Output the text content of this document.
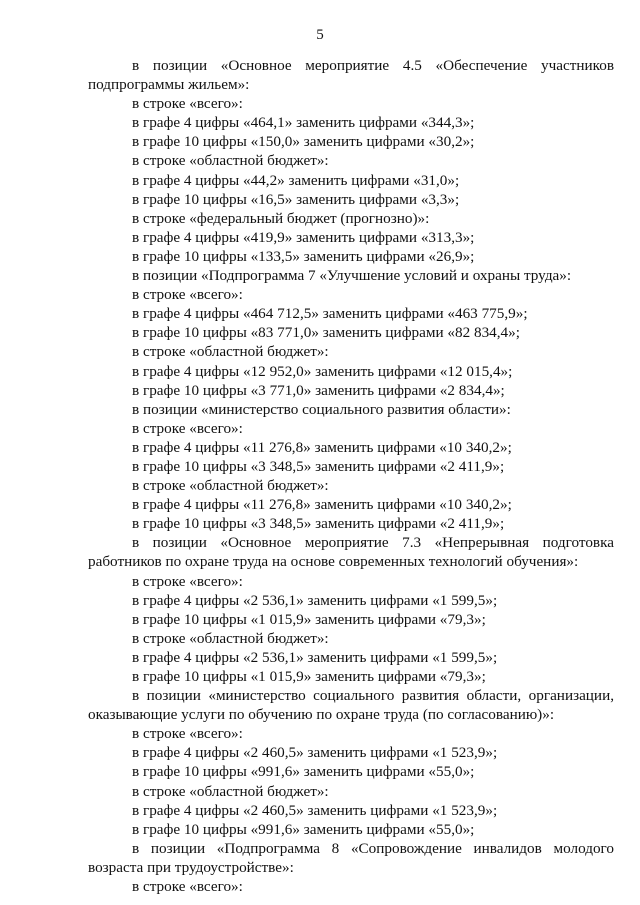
5

в позиции «Основное мероприятие 4.5 «Обеспечение участников подпрограммы жильем»:

в строке «всего»:

в графе 4 цифры «464,1» заменить цифрами «344,3»;

в графе 10 цифры «150,0» заменить цифрами «30,2»;

в строке «областной бюджет»:

в графе 4 цифры «44,2» заменить цифрами «31,0»;

в графе 10 цифры «16,5» заменить цифрами «3,3»;

в строке «федеральный бюджет (прогнозно)»:

в графе 4 цифры «419,9» заменить цифрами «313,3»;

в графе 10 цифры «133,5» заменить цифрами «26,9»;

в позиции «Подпрограмма 7 «Улучшение условий и охраны труда»:

в строке «всего»:

в графе 4 цифры «464 712,5» заменить цифрами «463 775,9»;

в графе 10 цифры «83 771,0» заменить цифрами «82 834,4»;

в строке «областной бюджет»:

в графе 4 цифры «12 952,0» заменить цифрами «12 015,4»;

в графе 10 цифры «3 771,0» заменить цифрами «2 834,4»;

в позиции «министерство социального развития области»:

в строке «всего»:

в графе 4 цифры «11 276,8» заменить цифрами «10 340,2»;

в графе 10 цифры «3 348,5» заменить цифрами «2 411,9»;

в строке «областной бюджет»:

в графе 4 цифры «11 276,8» заменить цифрами «10 340,2»;

в графе 10 цифры «3 348,5» заменить цифрами «2 411,9»;

в позиции «Основное мероприятие 7.3 «Непрерывная подготовка работников по охране труда на основе современных технологий обучения»:

в строке «всего»:

в графе 4 цифры «2 536,1» заменить цифрами «1 599,5»;

в графе 10 цифры «1 015,9» заменить цифрами «79,3»;

в строке «областной бюджет»:

в графе 4 цифры «2 536,1» заменить цифрами «1 599,5»;

в графе 10 цифры «1 015,9» заменить цифрами «79,3»;

в позиции «министерство социального развития области, организации, оказывающие услуги по обучению по охране труда (по согласованию)»:

в строке «всего»:

в графе 4 цифры «2 460,5» заменить цифрами «1 523,9»;

в графе 10 цифры «991,6» заменить цифрами «55,0»;

в строке «областной бюджет»:

в графе 4 цифры «2 460,5» заменить цифрами «1 523,9»;

в графе 10 цифры «991,6» заменить цифрами «55,0»;

в позиции «Подпрограмма 8 «Сопровождение инвалидов молодого возраста при трудоустройстве»:

в строке «всего»:
